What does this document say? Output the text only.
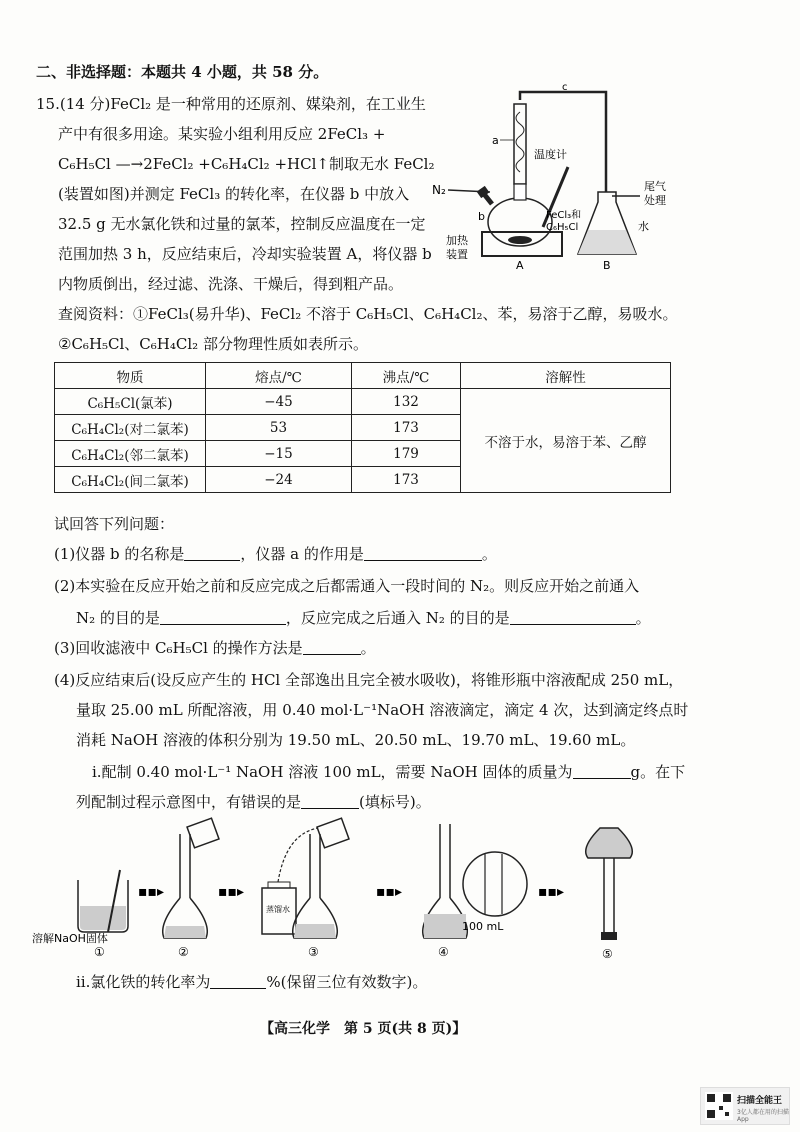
二、非选择题：本题共 4 小题，共 58 分。
15.(14 分)FeCl₂ 是一种常用的还原剂、媒染剂，在工业生
产中有很多用途。某实验小组利用反应 2FeCl₃ +
C₆H₅Cl —→2FeCl₂ +C₆H₄Cl₂ +HCl↑制取无水 FeCl₂
(装置如图)并测定 FeCl₃ 的转化率，在仪器 b 中放入
32.5 g 无水氯化铁和过量的氯苯，控制反应温度在一定
范围加热 3 h，反应结束后，冷却实验装置 A，将仪器 b
内物质倒出，经过滤、洗涤、干燥后，得到粗产品。
c
a
温度计
N₂
b
加热
装置
A
FeCl₃和
C₆H₅Cl
尾气
处理
水
B
查阅资料：①FeCl₃(易升华)、FeCl₂ 不溶于 C₆H₅Cl、C₆H₄Cl₂、苯，易溶于乙醇，易吸水。
②C₆H₅Cl、C₆H₄Cl₂ 部分物理性质如表所示。
物质	熔点/℃	沸点/℃	溶解性
C₆H₅Cl(氯苯)	−45	132	不溶于水，易溶于苯、乙醇
C₆H₄Cl₂(对二氯苯)	53	173	
C₆H₄Cl₂(邻二氯苯)	−15	179	
C₆H₄Cl₂(间二氯苯)	−24	173	
试回答下列问题：
(1)仪器 b 的名称是	，仪器 a 的作用是	。
(2)本实验在反应开始之前和反应完成之后都需通入一段时间的 N₂。则反应开始之前通入
N₂ 的目的是	，反应完成之后通入 N₂ 的目的是	。
(3)回收滤液中 C₆H₅Cl 的操作方法是	。
(4)反应结束后(设反应产生的 HCl 全部逸出且完全被水吸收)，将锥形瓶中溶液配成 250 mL，
量取 25.00 mL 所配溶液，用 0.40 mol·L⁻¹NaOH 溶液滴定，滴定 4 次，达到滴定终点时
消耗 NaOH 溶液的体积分别为 19.50 mL、20.50 mL、19.70 mL、19.60 mL。
ⅰ.配制 0.40 mol·L⁻¹ NaOH 溶液 100 mL，需要 NaOH 固体的质量为	g。在下
列配制过程示意图中，有错误的是	(填标号)。
溶解NaOH固体
①
▪▪▸
②
▪▪▸
蒸馏水
③
▪▪▸
100 mL
④
▪▪▸
⑤
ⅱ.氯化铁的转化率为	%(保留三位有效数字)。
【高三化学　第 5 页(共 8 页)】
扫描全能王
3亿人都在用的扫描App
